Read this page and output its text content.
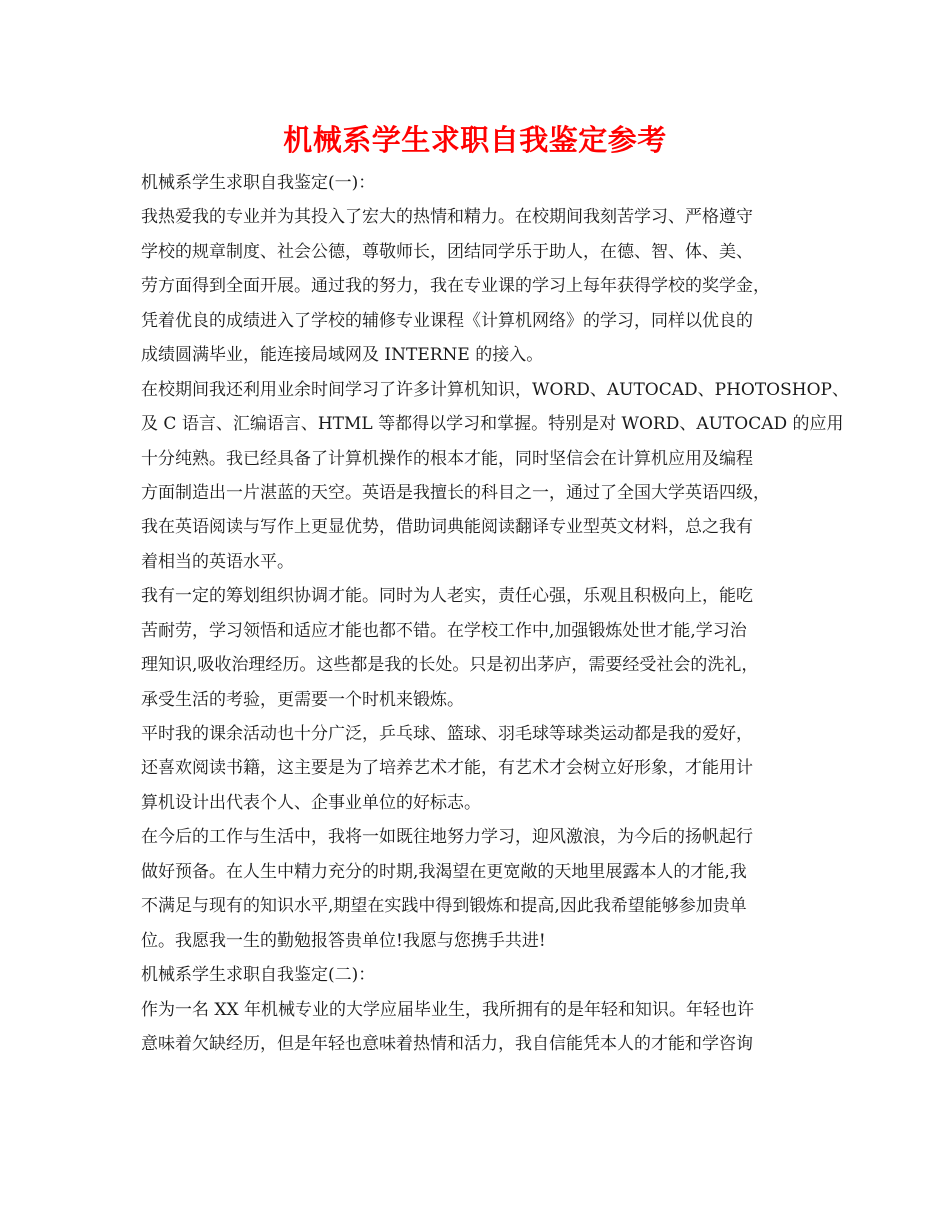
机械系学生求职自我鉴定参考
机械系学生求职自我鉴定(一)：
我热爱我的专业并为其投入了宏大的热情和精力。在校期间我刻苦学习、严格遵守
学校的规章制度、社会公德，尊敬师长，团结同学乐于助人，在德、智、体、美、
劳方面得到全面开展。通过我的努力，我在专业课的学习上每年获得学校的奖学金，
凭着优良的成绩进入了学校的辅修专业课程《计算机网络》的学习，同样以优良的
成绩圆满毕业，能连接局域网及 INTERNE 的接入。
在校期间我还利用业余时间学习了许多计算机知识，WORD、AUTOCAD、PHOTOSHOP、
及 C 语言、汇编语言、HTML 等都得以学习和掌握。特别是对 WORD、AUTOCAD 的应用
十分纯熟。我已经具备了计算机操作的根本才能，同时坚信会在计算机应用及编程
方面制造出一片湛蓝的天空。英语是我擅长的科目之一，通过了全国大学英语四级，
我在英语阅读与写作上更显优势，借助词典能阅读翻译专业型英文材料，总之我有
着相当的英语水平。
我有一定的筹划组织协调才能。同时为人老实，责任心强，乐观且积极向上，能吃
苦耐劳，学习领悟和适应才能也都不错。在学校工作中,加强锻炼处世才能,学习治
理知识,吸收治理经历。这些都是我的长处。只是初出茅庐，需要经受社会的洗礼，
承受生活的考验，更需要一个时机来锻炼。
平时我的课余活动也十分广泛，乒乓球、篮球、羽毛球等球类运动都是我的爱好，
还喜欢阅读书籍，这主要是为了培养艺术才能，有艺术才会树立好形象，才能用计
算机设计出代表个人、企事业单位的好标志。
在今后的工作与生活中，我将一如既往地努力学习，迎风激浪，为今后的扬帆起行
做好预备。在人生中精力充分的时期,我渴望在更宽敞的天地里展露本人的才能,我
不满足与现有的知识水平,期望在实践中得到锻炼和提高,因此我希望能够参加贵单
位。我愿我一生的勤勉报答贵单位!我愿与您携手共进!
机械系学生求职自我鉴定(二)：
作为一名 XX 年机械专业的大学应届毕业生，我所拥有的是年轻和知识。年轻也许
意味着欠缺经历，但是年轻也意味着热情和活力，我自信能凭本人的才能和学咨询
